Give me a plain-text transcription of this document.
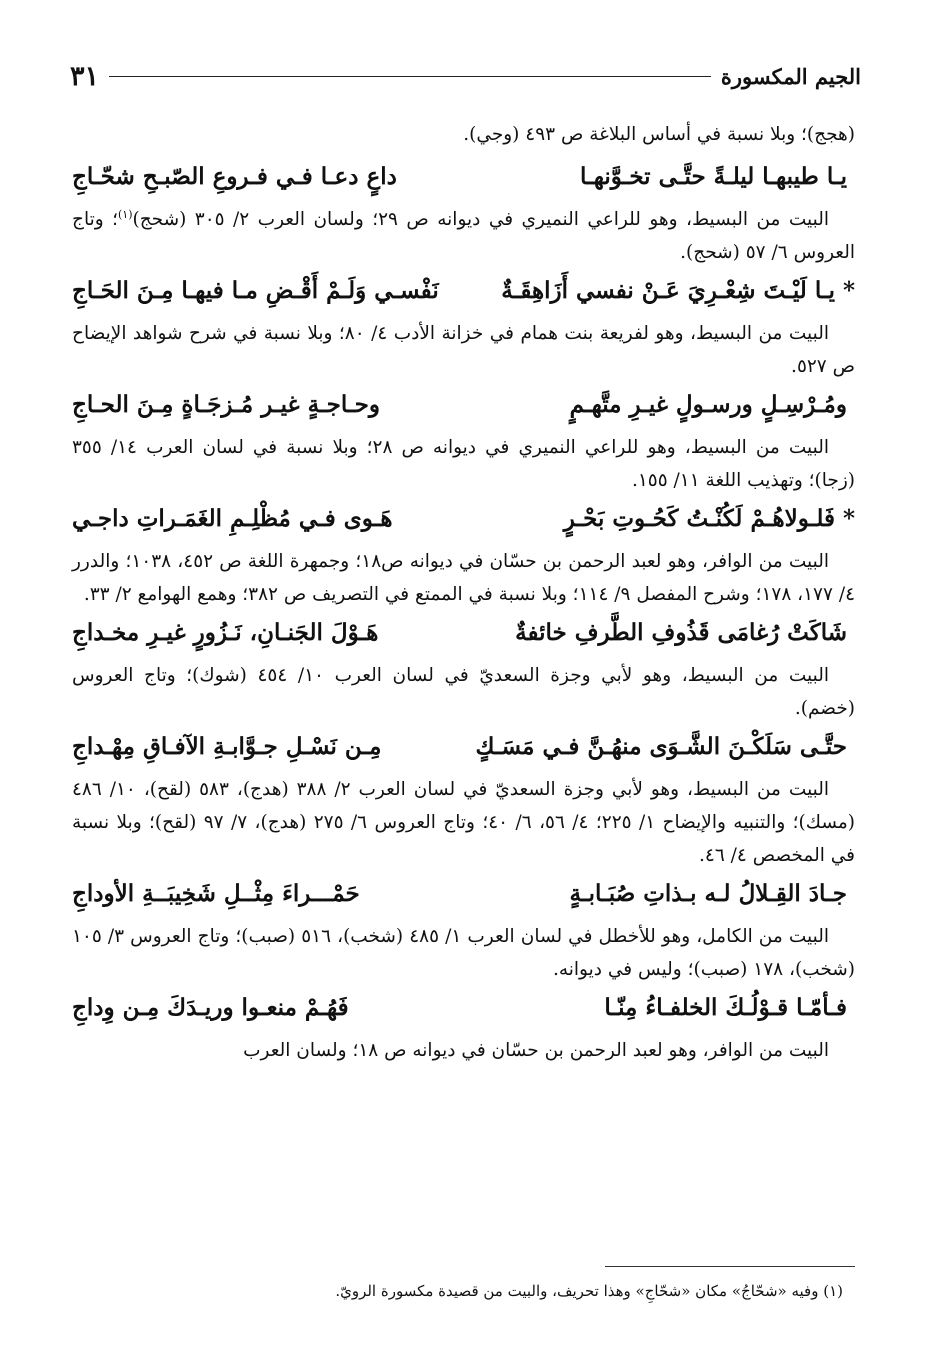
الجيم المكسورة
٣١

(هجج)؛ وبلا نسبة في أساس البلاغة ص ٤٩٣ (وجي).

يـا طيبهـا ليلـةً حتَّـى تخـوَّنهـا
داعٍ دعـا فـي فـروعِ الصّبـحِ شحّـاجِ

البيت من البسيط، وهو للراعي النميري في ديوانه ص ٢٩؛ ولسان العرب ٢/ ٣٠٥ (شحج)$^{(١)}$؛ وتاج العروس ٦/ ٥٧ (شحج).

*
يـا لَيْـتَ شِعْـرِيَ عَـنْ نفسي أَزَاهِقَـةٌ
نَفْسـي وَلَـمْ أَقْـضِ مـا فيهـا مِـنَ الحَـاجِ

البيت من البسيط، وهو لفريعة بنت همام في خزانة الأدب ٤/ ٨٠؛ وبلا نسبة في شرح شواهد الإيضاح ص ٥٢٧.

ومُـرْسِـلٍ ورسـولٍ غيـرِ متَّهـمٍ
وحـاجـةٍ غيـر مُـزجَـاةٍ مِـنَ الحـاجِ

البيت من البسيط، وهو للراعي النميري في ديوانه ص ٢٨؛ وبلا نسبة في لسان العرب ١٤/ ٣٥٥ (زجا)؛ وتهذيب اللغة ١١/ ١٥٥.

*
فَلـولاهُـمْ لَكُنْـتُ كَحُـوتِ بَحْـرٍ
هَـوى فـي مُظْلِـمِ الغَمَـراتِ داجـي

البيت من الوافر، وهو لعبد الرحمن بن حسّان في ديوانه ص١٨؛ وجمهرة اللغة ص ٤٥٢، ١٠٣٨؛ والدرر ٤/ ١٧٧، ١٧٨؛ وشرح المفصل ٩/ ١١٤؛ وبلا نسبة في الممتع في التصريف ص ٣٨٢؛ وهمع الهوامع ٢/ ٣٣.

شَاكَتْ رُغامَى قَذُوفِ الطَّرفِ خائفةٌ
هَـوْلَ الجَنـانِ، نَـزُورٍ غيـرِ مخـداجِ

البيت من البسيط، وهو لأبي وجزة السعديّ في لسان العرب ١٠/ ٤٥٤ (شوك)؛ وتاج العروس (خضم).

حتَّـى سَلَكْـنَ الشَّـوَى منهُـنَّ فـي مَسَـكٍ
مِـن نَسْـلِ جـوَّابـةِ الآفـاقِ مِهْـداجِ

البيت من البسيط، وهو لأبي وجزة السعديّ في لسان العرب ٢/ ٣٨٨ (هدج)، ٥٨٣ (لقح)، ١٠/ ٤٨٦ (مسك)؛ والتنبيه والإيضاح ١/ ٢٢٥؛ ٤/ ٥٦، ٦/ ٤٠؛ وتاج العروس ٦/ ٢٧٥ (هدج)، ٧/ ٩٧ (لقح)؛ وبلا نسبة في المخصص ٤/ ٤٦.

جـادَ القِـلالُ لـه بـذاتِ صُبَـابـةٍ
حَمْـــراءَ مِثْــلِ شَخِيبَــةِ الأوداجِ

البيت من الكامل، وهو للأخطل في لسان العرب ١/ ٤٨٥ (شخب)، ٥١٦ (صبب)؛ وتاج العروس ٣/ ١٠٥ (شخب)، ١٧٨ (صبب)؛ وليس في ديوانه.

فـأمّـا قـوْلُـكَ الخلفـاءُ مِنّـا
فَهُـمْ منعـوا وريـدَكَ مِـن وِداجِ

البيت من الوافر، وهو لعبد الرحمن بن حسّان في ديوانه ص ١٨؛ ولسان العرب

(١) وفيه «شحّاجُ» مكان «شحّاجِ» وهذا تحريف، والبيت من قصيدة مكسورة الرويّ.
